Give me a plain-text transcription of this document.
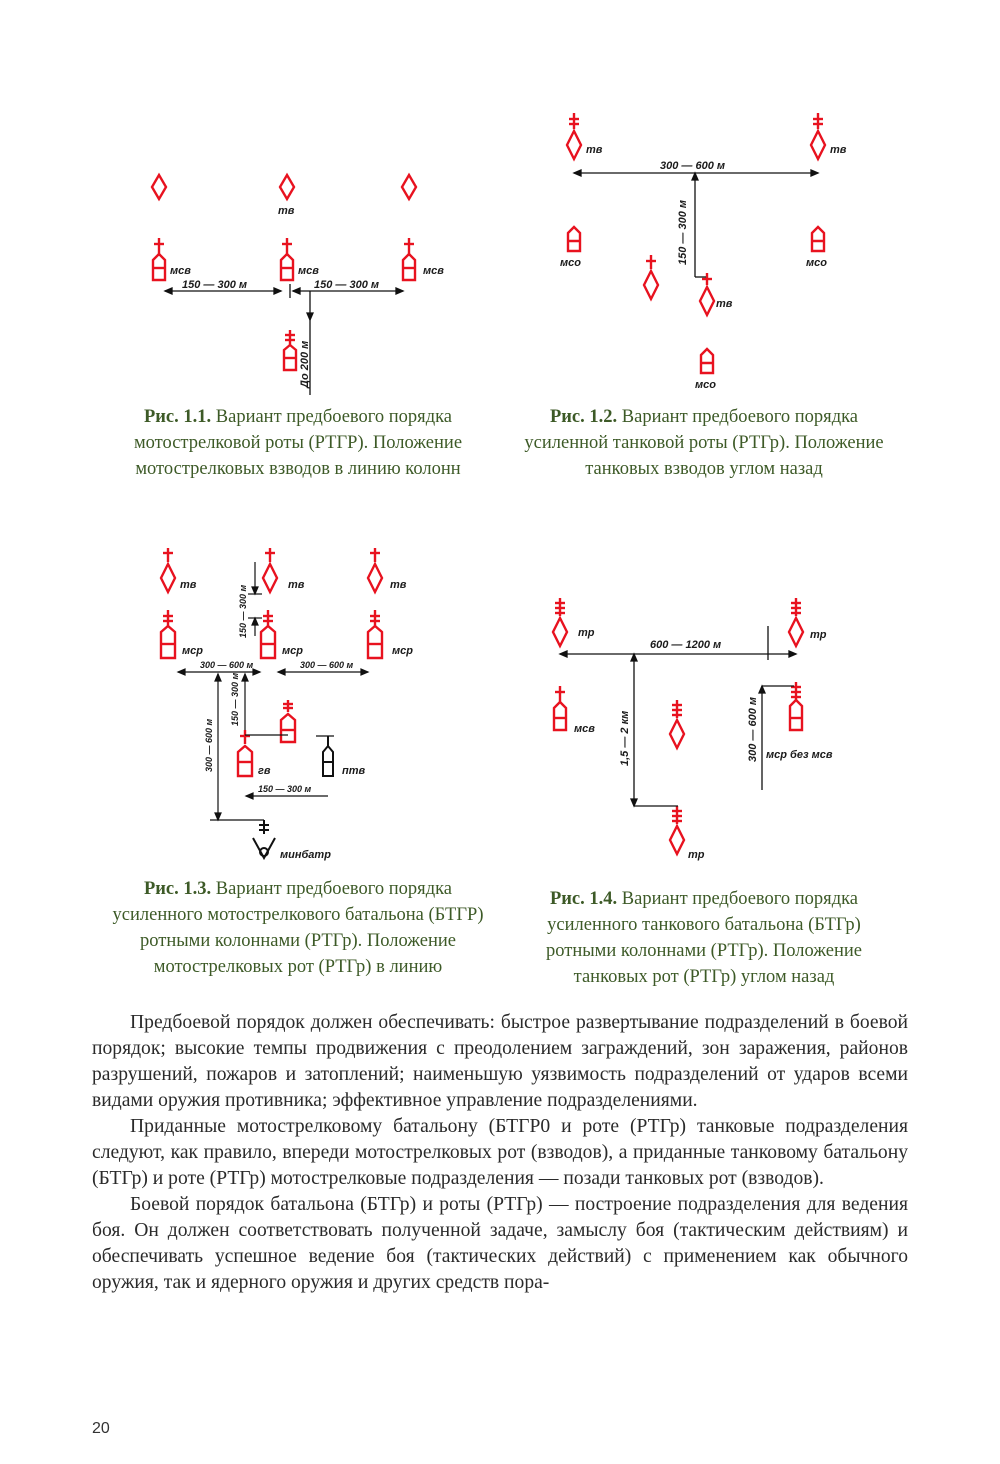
тв
мсв	мсв	мсв
150 — 300 м	150 — 300 м
До 200 м
Рис. 1.1. Вариант предбоевого порядка мотострелковой роты (РТГР). Положение мотострелковых взводов в линию колонн
тв	тв
тв
мсо	мсо
мсо
300 — 600 м
150 — 300 м
Рис. 1.2. Вариант предбоевого порядка усиленной танковой роты (РТГр). Положение танковых взводов углом назад
тв	тв	тв
мср	мср	мср
гв	птв
минбатр
150 — 300 м
300 — 600 м	300 — 600 м
150 — 300 м
300 — 600 м
150 — 300 м
Рис. 1.3. Вариант предбоевого порядка усиленного мотострелкового батальона (БТГР) ротными колоннами (РТГр). Положение мотострелковых рот (РТГр) в линию
тр	тр
тр
мсв
мср без мсв
600 — 1200 м
1,5 — 2 км	300 — 600 м
Рис. 1.4. Вариант предбоевого порядка усиленного танкового батальона (БТГр) ротными колоннами (РТГр). Положение танковых рот (РТГр) углом назад

Предбоевой порядок должен обеспечивать: быстрое развертывание подразделений в боевой порядок; высокие темпы продвижения с преодолением заграждений, зон заражения, районов разрушений, пожаров и затоплений; наименьшую уязвимость подразделений от ударов всеми видами оружия противника; эффективное управление подразделениями.

Приданные мотострелковому батальону (БТГР0 и роте (РТГр) танковые подразделения следуют, как правило, впереди мотострелковых рот (взводов), а приданные танковому батальону (БТГр) и роте (РТГр) мотострелковые подразделения — позади танковых рот (взводов).

Боевой порядок батальона (БТГр) и роты (РТГр) — построение подразделения для ведения боя. Он должен соответствовать полученной задаче, замыслу боя (тактическим действиям) и обеспечивать успешное ведение боя (тактических действий) с применением как обычного оружия, так и ядерного оружия и других средств пора-

20
